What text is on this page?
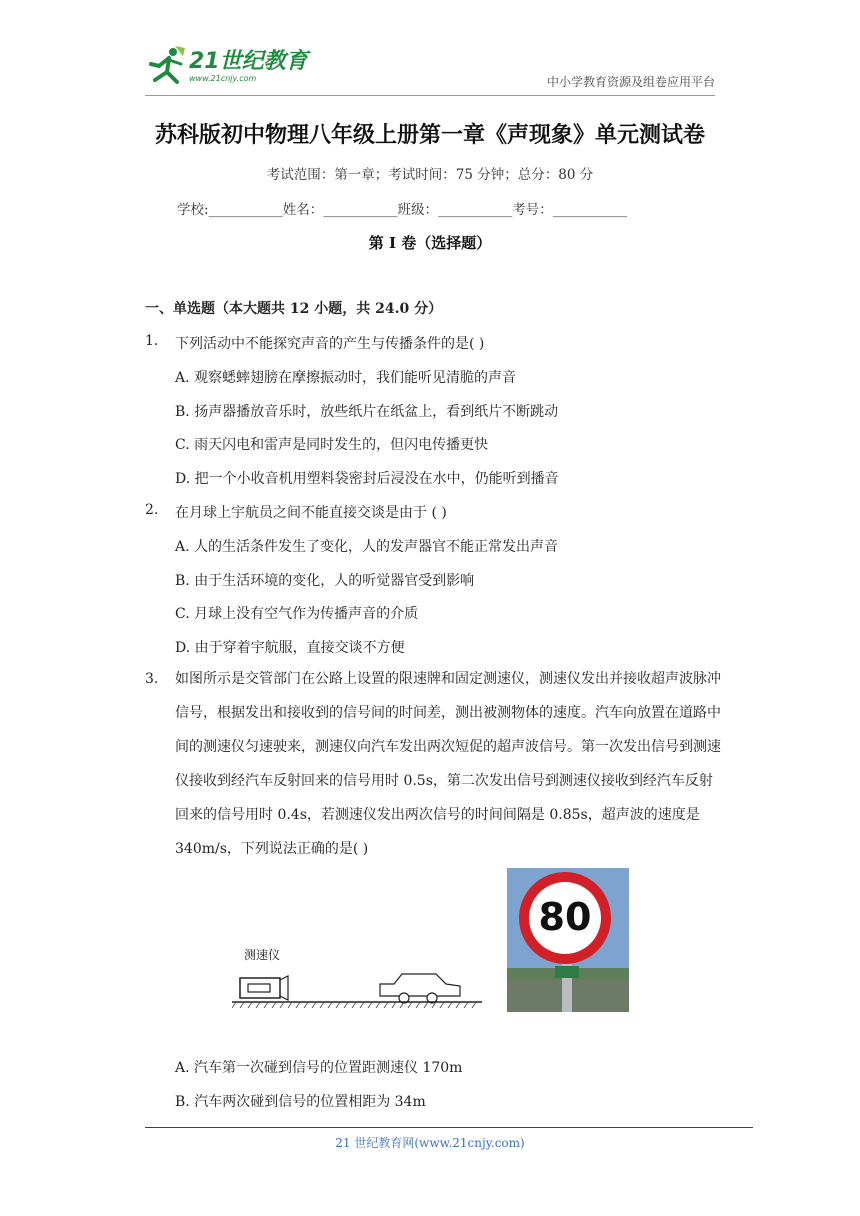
21世纪教育
www.21cnjy.com	中小学教育资源及组卷应用平台
苏科版初中物理八年级上册第一章《声现象》单元测试卷
考试范围：第一章；考试时间：75 分钟；总分：80 分
学校:___________姓名：___________班级：___________考号：___________
第 I 卷（选择题）
一、单选题（本大题共 12 小题，共 24.0 分）
1. 下列活动中不能探究声音的产生与传播条件的是( )
A. 观察蟋蟀翅膀在摩擦振动时，我们能听见清脆的声音
B. 扬声器播放音乐时，放些纸片在纸盆上，看到纸片不断跳动
C. 雨天闪电和雷声是同时发生的，但闪电传播更快
D. 把一个小收音机用塑料袋密封后浸没在水中，仍能听到播音
2. 在月球上宇航员之间不能直接交谈是由于 ( )
A. 人的生活条件发生了变化，人的发声器官不能正常发出声音
B. 由于生活环境的变化，人的听觉器官受到影响
C. 月球上没有空气作为传播声音的介质
D. 由于穿着宇航服，直接交谈不方便
3. 如图所示是交管部门在公路上设置的限速牌和固定测速仪，测速仪发出并接收超声波脉冲信号，根据发出和接收到的信号间的时间差，测出被测物体的速度。汽车向放置在道路中间的测速仪匀速驶来，测速仪向汽车发出两次短促的超声波信号。第一次发出信号到测速仪接收到经汽车反射回来的信号用时 0.5s，第二次发出信号到测速仪接收到经汽车反射回来的信号用时 0.4s，若测速仪发出两次信号的时间间隔是 0.85s，超声波的速度是 340m/s，下列说法正确的是( )
测速仪
80
A. 汽车第一次碰到信号的位置距测速仪 170m
B. 汽车两次碰到信号的位置相距为 34m
21 世纪教育网(www.21cnjy.com)
